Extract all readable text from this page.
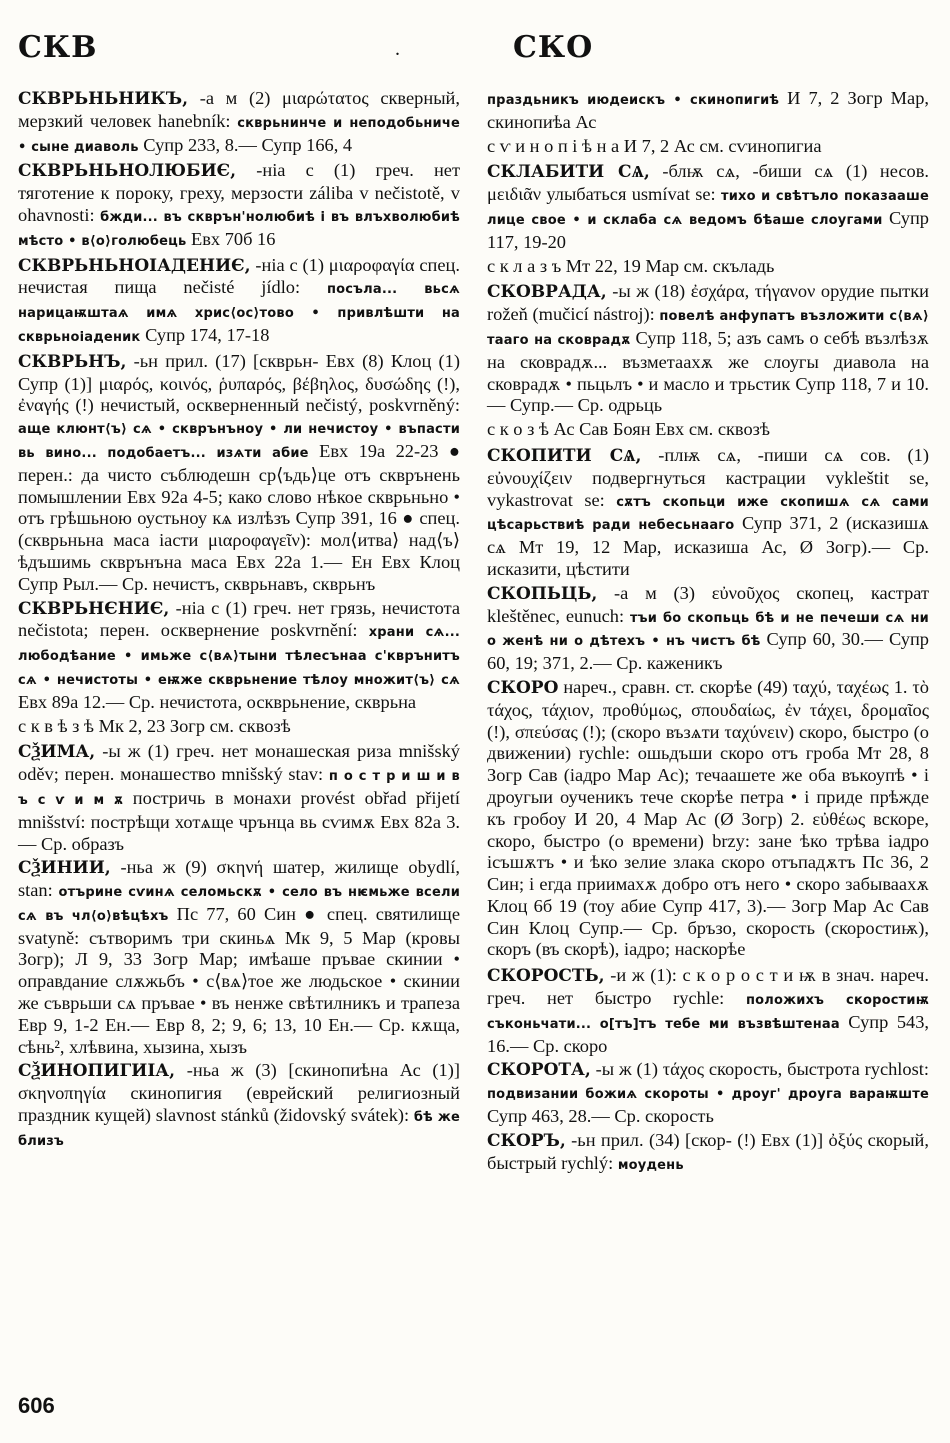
СКВ	.	СКО

СКВРЬНЬНИКЪ, -а м (2) μιαρώτατος скверный, мерзкий человек hanebník: скврьнинче и неподобьниче • сыне диаволь Супр 233, 8.— Супр 166, 4

СКВРЬНЬНОЛЮБИЄ, -ніа с (1) греч. нет тяготение к пороку, греху, мерзости záliba v nečistotě, v ohavnosti: бжди... въ скврън'нолюбиѣ і въ влъхволюбиѣ мѣсто • в⟨о⟩голюбець Евх 70б 16

СКВРЬНЬНОІАДЕНИЄ, -ніа с (1) μιαροφαγία спец. нечистая пища nečisté jídlo: посъла... вьсѧ нарицаѭштаѧ имѧ хрис⟨ос⟩тово • привлѣшти на скврьноіаденик Супр 174, 17-18

СКВРЬНЪ, -ьн прил. (17) [скврьн- Евх (8) Клоц (1) Супр (1)] μιαρός, κοινός, ῥυπαρός, βέβηλος, δυσώδης (!), ἐναγής (!) нечистый, оскверненный nečistý, poskvrněný: аще клюнт⟨ъ⟩ сѧ • скврънъноу • ли нечистоу • въпасти вь вино... подобаетъ... изѧти абие Евх 19а 22-23 ● перен.: да чисто съблюдешн ср⟨ъдь⟩це отъ скврънень помышлении Евх 92а 4-5; како слово нѣкое скврьньно • отъ грѣшьною оустьноу кѧ излѣзъ Супр 391, 16 ● спец. (скврьньна маса іасти μιαροφαγεῖν): мол⟨итва⟩ над⟨ъ⟩ ѣдъшимь скврънъна маса Евх 22а 1.— Ен Евх Клоц Супр Рыл.— Ср. нечистъ, скврьнавъ, скврьнъ

СКВРЬНЄНИЄ, -ніа с (1) греч. нет грязь, нечистота nečistota; перен. осквернение poskvrnění: храни сѧ... любодѣание • имьже с⟨вѧ⟩тыни тѣлесънаа с'кврънитъ сѧ • нечистоты • еѭже скврьнение тѣлоу множит⟨ъ⟩ сѧ Евх 89а 12.— Ср. нечистота, оскврьнение, скврьна

с к в ѣ з ѣ Мк 2, 23 Зогр см. сквозѣ

СѮИМА, -ы ж (1) греч. нет монашеская риза mnišský oděv; перен. монашество mnišský stav: п о с т р и ш и в ъ с ѵ и м ѫ постричь в монахи provést obřad přijetí mnišství: пострѣщи хотѧще чрънца вь сѵимѫ Евх 82а 3.— Ср. образъ

СѮИНИИ, -ньа ж (9) σκηνή шатер, жилище obydlí, stan: отърине сѵинѧ селомьскѫ • село въ нѥмьже всели сѧ въ чл⟨о⟩вѣцѣхъ Пс 77, 60 Син ● спец. святилище svatyně: сътворимъ три скиньѧ Мк 9, 5 Мар (кровы Зогр); Л 9, 33 Зогр Мар; имѣаше пръвае скинии • оправдание слѫжьбъ • с⟨вѧ⟩тое же людьское • скинии же съврьши сѧ пръвае • въ ненже свѣтилникъ и трапеза Евр 9, 1-2 Ен.— Евр 8, 2; 9, 6; 13, 10 Ен.— Ср. кѫща, сѣнь², хлѣвина, хызина, хызъ

СѮИНОПИГИІА, -ньа ж (3) [скинопиѣна Ас (1)] σκηνοπηγία скинопигия (еврейский религиозный праздник кущей) slavnost stánků (židovský svátek): бѣ же близъ

праздьникъ июдеискъ • скинопигиѣ И 7, 2 Зогр Мар, скинопиѣа Ас

с ѵ и н о п і ѣ н а И 7, 2 Ас см. сѵинопигиа

СКЛАБИТИ СѦ, -блѭ сѧ, -биши сѧ (1) несов. μειδιᾶν улыбаться usmívat se: тихо и свѣтъло показааше лице свое • и склаба сѧ ведомъ бѣаше слоугами Супр 117, 19-20

с к л а з ъ Мт 22, 19 Мар см. скъладь

СКОВРАДА, -ы ж (18) ἐσχάρα, τήγανον орудие пытки rožeň (mučicí nástroj): повелѣ анфупатъ възложити с⟨вѧ⟩тааго на сковрадѫ Супр 118, 5; азъ самъ о себѣ възлѣзѫ на сковрадѫ... възметаахѫ же слоугы диавола на сковрадѫ • пьцьлъ • и масло и трьстик Супр 118, 7 и 10.— Супр.— Ср. одрьць

с к о з ѣ Ас Сав Боян Евх см. сквозѣ

СКОПИТИ СѦ, -плѭ сѧ, -пиши сѧ сов. (1) εὐνουχίζειν подвергнуться кастрации vykleštit se, vykastrovat se: сѫтъ скопьци иже скопишѧ сѧ сами цѣсарьствиѣ ради небесьнааго Супр 371, 2 (исказишѧ сѧ Мт 19, 12 Мар, исказиша Ас, Ø Зогр).— Ср. исказити, цѣстити

СКОПЬЦЬ, -а м (3) εὐνοῦχος скопец, кастрат kleštěnec, eunuch: тъи бо скопьць бѣ и не печеши сѧ ни о женѣ ни о дѣтехъ • нъ чистъ бѣ Супр 60, 30.— Супр 60, 19; 371, 2.— Ср. каженикъ

СКОРО нареч., сравн. ст. скорѣе (49) ταχύ, ταχέως 1. τὸ τάχος, τάχιον, προθύμως, σπουδαίως, ἐν τάχει, δρομαῖος (!), σπεύσας (!); (скоро възѧти ταχύνειν) скоро, быстро (о движении) rychle: ошьдъши скоро отъ гроба Мт 28, 8 Зогр Сав (іадро Мар Ас); течаашете же оба въкоупѣ • і дроугыи оученикъ тече скорѣе петра • і приде прѣжде къ гробоу И 20, 4 Мар Ас (Ø Зогр) 2. εὐθέως вскоре, скоро, быстро (о времени) brzy: зане ѣко трѣва іадро ісъшѫтъ • и ѣко зелие злака скоро отъпадѫтъ Пс 36, 2 Син; і егда приимахѫ добро отъ него • скоро забываахѫ Клоц 6б 19 (тоу абие Супр 417, 3).— Зогр Мар Ас Сав Син Клоц Супр.— Ср. бръзо, скорость (скоростиѭ), скоръ (въ скорѣ), іадро; наскорѣе

СКОРОСТЬ, -и ж (1): с к о р о с т и ѭ в знач. нареч. греч. нет быстро rychle: положихъ скоростиѭ съконьчати... о[тъ]тъ тебе ми възвѣштенаа Супр 543, 16.— Ср. скоро

СКОРОТА, -ы ж (1) τάχος скорость, быстрота rychlost: подвизании божиѧ скороты • дроуг' дроуга вараѭште Супр 463, 28.— Ср. скорость

СКОРЪ, -ьн прил. (34) [скор- (!) Евх (1)] ὀξύς скорый, быстрый rychlý: моудень

606
